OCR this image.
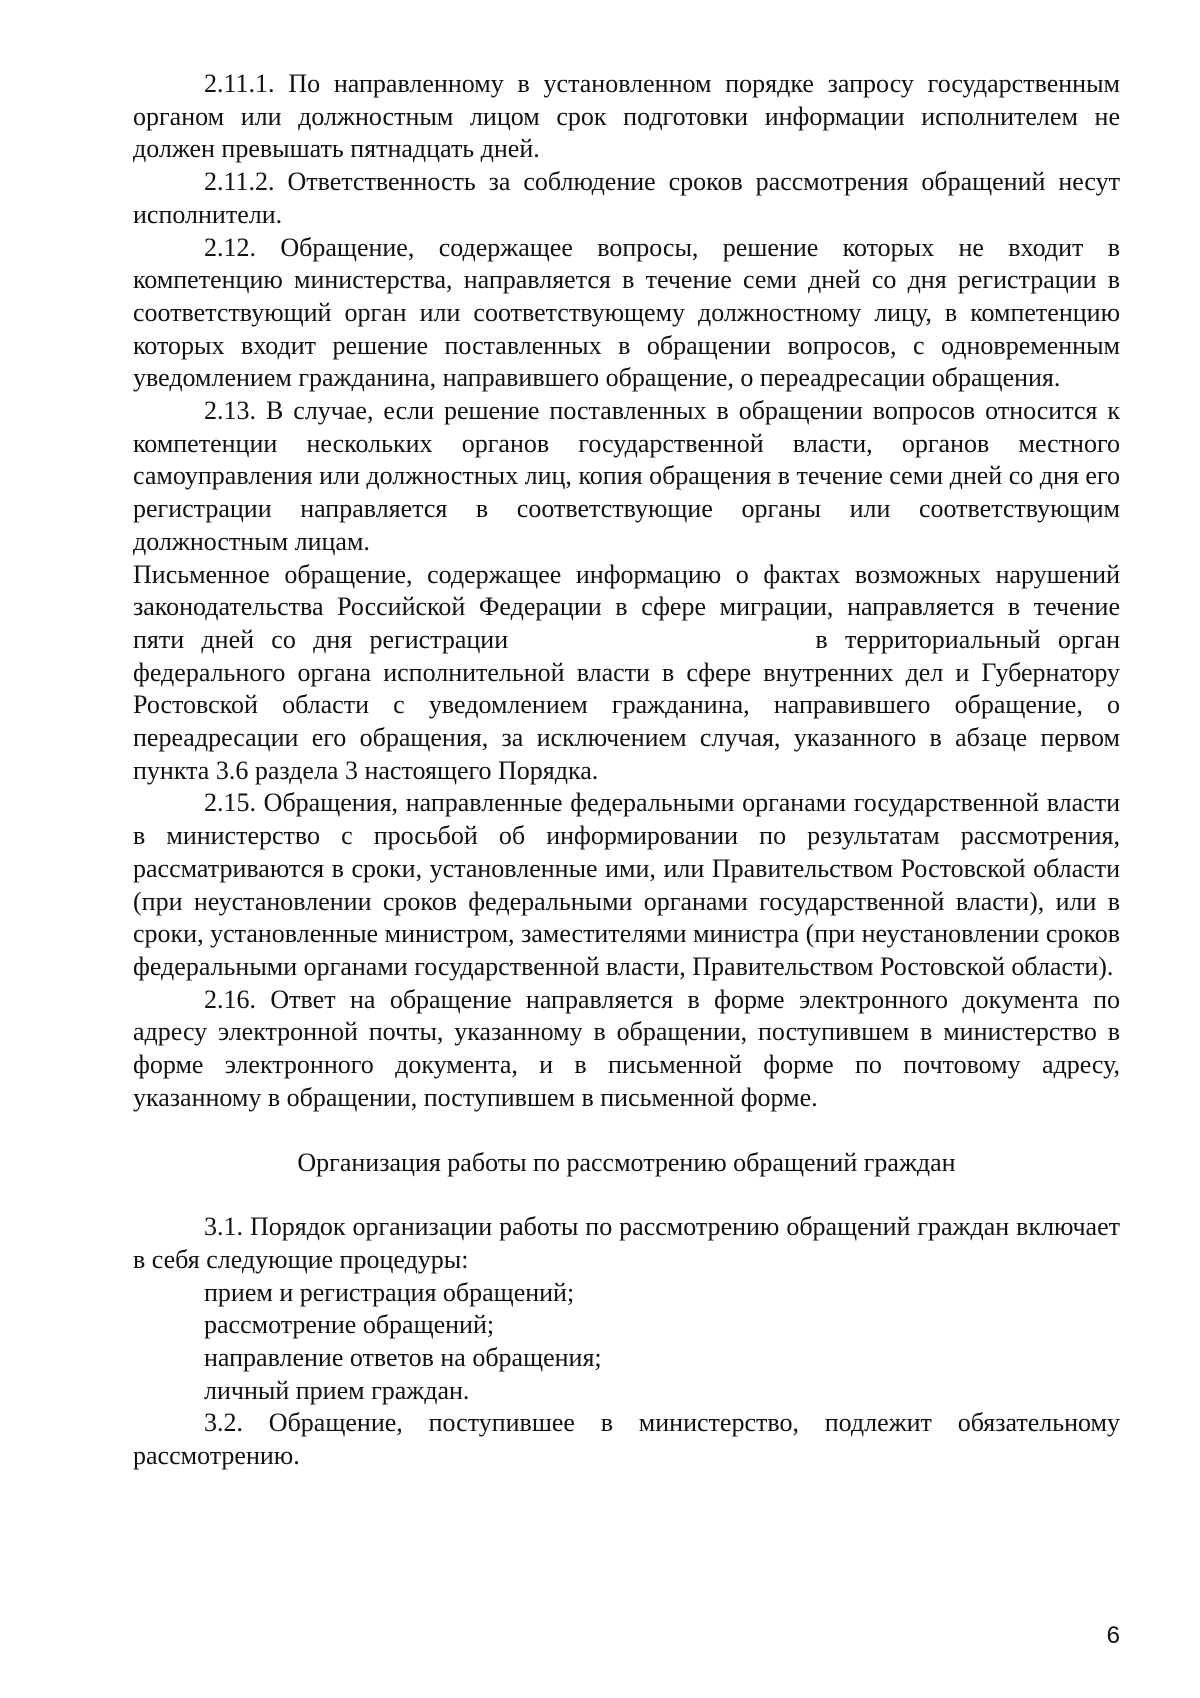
2.11.1. По направленному в установленном порядке запросу государственным органом или должностным лицом срок подготовки информации исполнителем не должен превышать пятнадцать дней.

2.11.2. Ответственность за соблюдение сроков рассмотрения обращений несут исполнители.

2.12. Обращение, содержащее вопросы, решение которых не входит в компетенцию министерства, направляется в течение семи дней со дня регистрации в соответствующий орган или соответствующему должностному лицу, в компетенцию которых входит решение поставленных в обращении вопросов, с одновременным уведомлением гражданина, направившего обращение, о переадресации обращения.

2.13. В случае, если решение поставленных в обращении вопросов относится к компетенции нескольких органов государственной власти, органов местного самоуправления или должностных лиц, копия обращения в течение семи дней со дня его регистрации направляется в соответствующие органы или соответствующим должностным лицам.

Письменное обращение, содержащее информацию о фактах возможных нарушений законодательства Российской Федерации в сфере миграции, направляется в течение пяти дней со дня регистрации	в территориальный орган федерального органа исполнительной власти в сфере внутренних дел и Губернатору Ростовской области с уведомлением гражданина, направившего обращение, о переадресации его обращения, за исключением случая, указанного в абзаце первом пункта 3.6 раздела 3 настоящего Порядка.

2.15. Обращения, направленные федеральными органами государственной власти в министерство с просьбой об информировании по результатам рассмотрения, рассматриваются в сроки, установленные ими, или Правительством Ростовской области (при неустановлении сроков федеральными органами государственной власти), или в сроки, установленные министром, заместителями министра (при неустановлении сроков федеральными органами государственной власти, Правительством Ростовской области).

2.16. Ответ на обращение направляется в форме электронного документа по адресу электронной почты, указанному в обращении, поступившем в министерство в форме электронного документа, и в письменной форме по почтовому адресу, указанному в обращении, поступившем в письменной форме.

Организация работы по рассмотрению обращений граждан

3.1. Порядок организации работы по рассмотрению обращений граждан включает в себя следующие процедуры:

прием и регистрация обращений;

рассмотрение обращений;

направление ответов на обращения;

личный прием граждан.

3.2. Обращение, поступившее в министерство, подлежит обязательному рассмотрению.

6
